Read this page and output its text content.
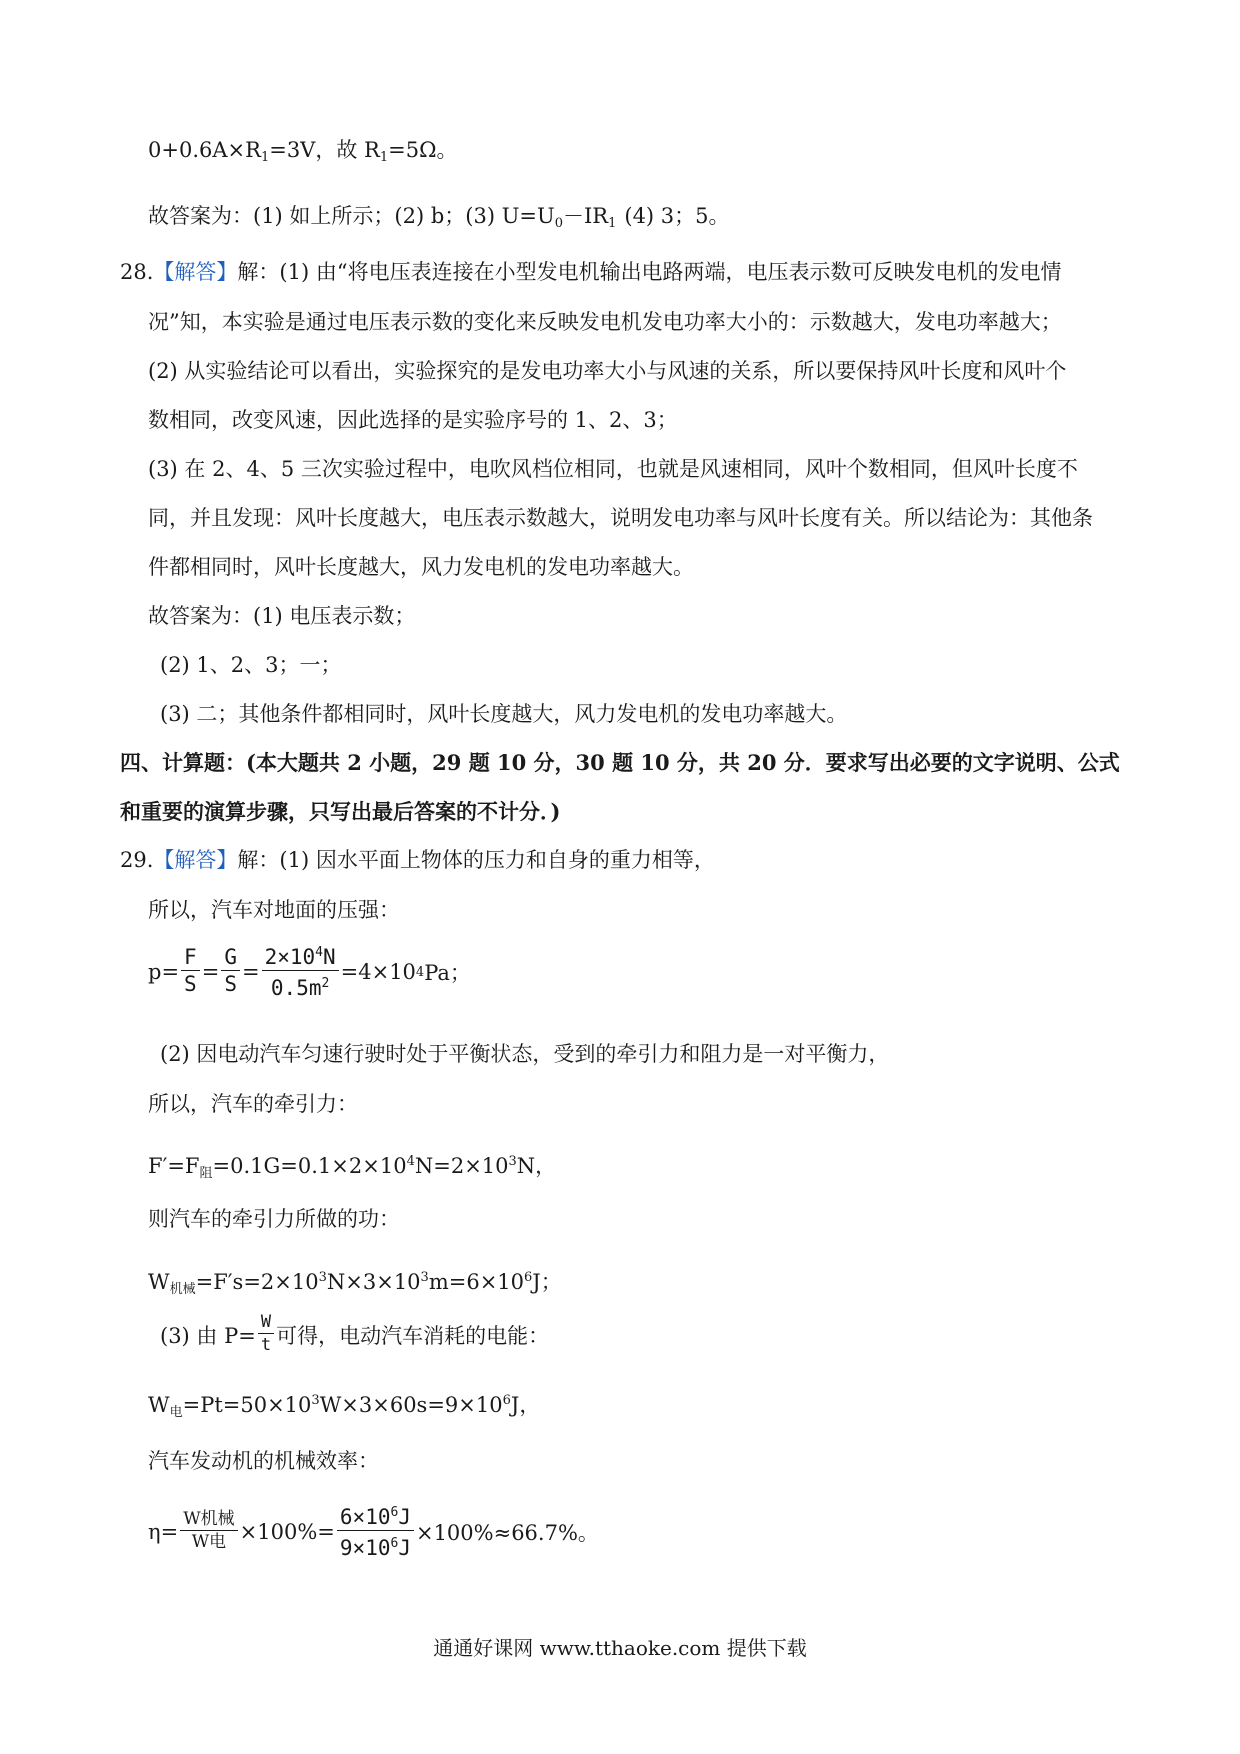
$0+0.6A\times R_1=3V$，故 $R_1=5\Omega$。
故答案为：(1) 如上所示；(2) b；(3) $U=U_0-IR_1$ (4) 3；5。
28.【解答】解：(1) 由“将电压表连接在小型发电机输出电路两端，电压表示数可反映发电机的发电情
况”知，本实验是通过电压表示数的变化来反映发电机发电功率大小的：示数越大，发电功率越大；
(2) 从实验结论可以看出，实验探究的是发电功率大小与风速的关系，所以要保持风叶长度和风叶个
数相同，改变风速，因此选择的是实验序号的 1、2、3；
(3) 在 2、4、5 三次实验过程中，电吹风档位相同，也就是风速相同，风叶个数相同，但风叶长度不
同，并且发现：风叶长度越大，电压表示数越大，说明发电功率与风叶长度有关。所以结论为：其他条
件都相同时，风叶长度越大，风力发电机的发电功率越大。
故答案为：(1) 电压表示数；
(2) 1、2、3；一；
(3) 二；其他条件都相同时，风叶长度越大，风力发电机的发电功率越大。
四、计算题：(本大题共 2 小题，29 题 10 分，30 题 10 分，共 20 分．要求写出必要的文字说明、公式
和重要的演算步骤，只写出最后答案的不计分．)
29.【解答】解：(1) 因水平面上物体的压力和自身的重力相等，
所以，汽车对地面的压强：
$p= \frac{F}{S} = \frac{G}{S} = \frac{2\times 10^4N}{0.5m^2} =4\times 10$ 4 Pa；
(2) 因电动汽车匀速行驶时处于平衡状态，受到的牵引力和阻力是一对平衡力，
所以，汽车的牵引力：
$F'=F_阻=0.1G=0.1\times 2\times 10^4N=2\times 10^3N$，
则汽车的牵引力所做的功：
$W_{机械}=F's=2\times 10^3N\times 3\times 10^3m=6\times 10^6J$；
(3) 由 $P= \frac{W}{t}$ 可得，电动汽车消耗的电能：
$W_电=Pt=50\times 10^3W\times 3\times 60s=9\times 10^6J$，
汽车发动机的机械效率：
$\eta= \frac{\text{W机械}}{\text{W电}} \times 100\%= \frac{6\times 10^6J}{9\times 10^6J} \times 100\%\approx 66.7\%$。
通通好课网 www.tthaoke.com 提供下载
